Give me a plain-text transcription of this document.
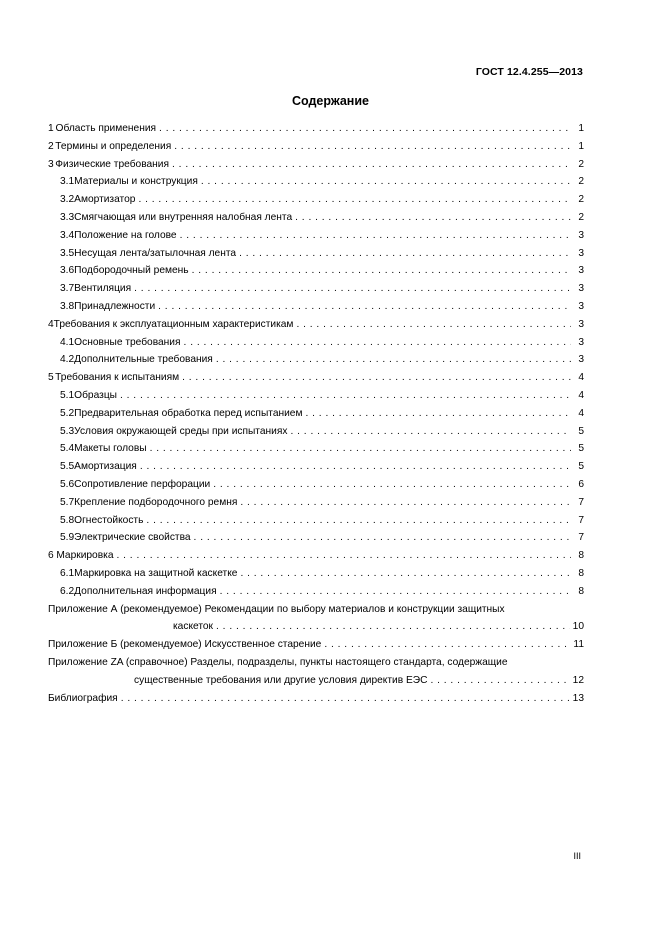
ГОСТ 12.4.255—2013
Содержание
1 Область применения . . .	1
2 Термины и определения . . .	1
3 Физические требования . . .	2
3.1 Материалы и конструкция . . .	2
3.2 Амортизатор . . .	2
3.3 Смягчающая или внутренняя налобная лента . . .	2
3.4 Положение на голове . . .	3
3.5 Несущая лента/затылочная лента . . .	3
3.6 Подбородочный ремень . . .	3
3.7 Вентиляция . . .	3
3.8 Принадлежности . . .	3
4 Требования к эксплуатационным характеристикам . . .	3
4.1 Основные требования . . .	3
4.2 Дополнительные требования . . .	3
5 Требования к испытаниям . . .	4
5.1 Образцы . . .	4
5.2 Предварительная обработка перед испытанием . . .	4
5.3 Условия окружающей среды при испытаниях . . .	5
5.4 Макеты головы . . .	5
5.5 Амортизация . . .	5
5.6 Сопротивление перфорации . . .	6
5.7 Крепление подбородочного ремня . . .	7
5.8 Огнестойкость . . .	7
5.9 Электрические свойства . . .	7
6 Маркировка . . .	8
6.1 Маркировка на защитной каскетке . . .	8
6.2 Дополнительная информация . . .	8
Приложение А (рекомендуемое) Рекомендации по выбору материалов и конструкции защитных
каскеток . . .	10
Приложение Б (рекомендуемое) Искусственное старение . . .	11
Приложение ZA (справочное) Разделы, подразделы, пункты настоящего стандарта, содержащие
существенные требования или другие условия директив ЕЭС . . .	12
Библиография . . .	13
III
